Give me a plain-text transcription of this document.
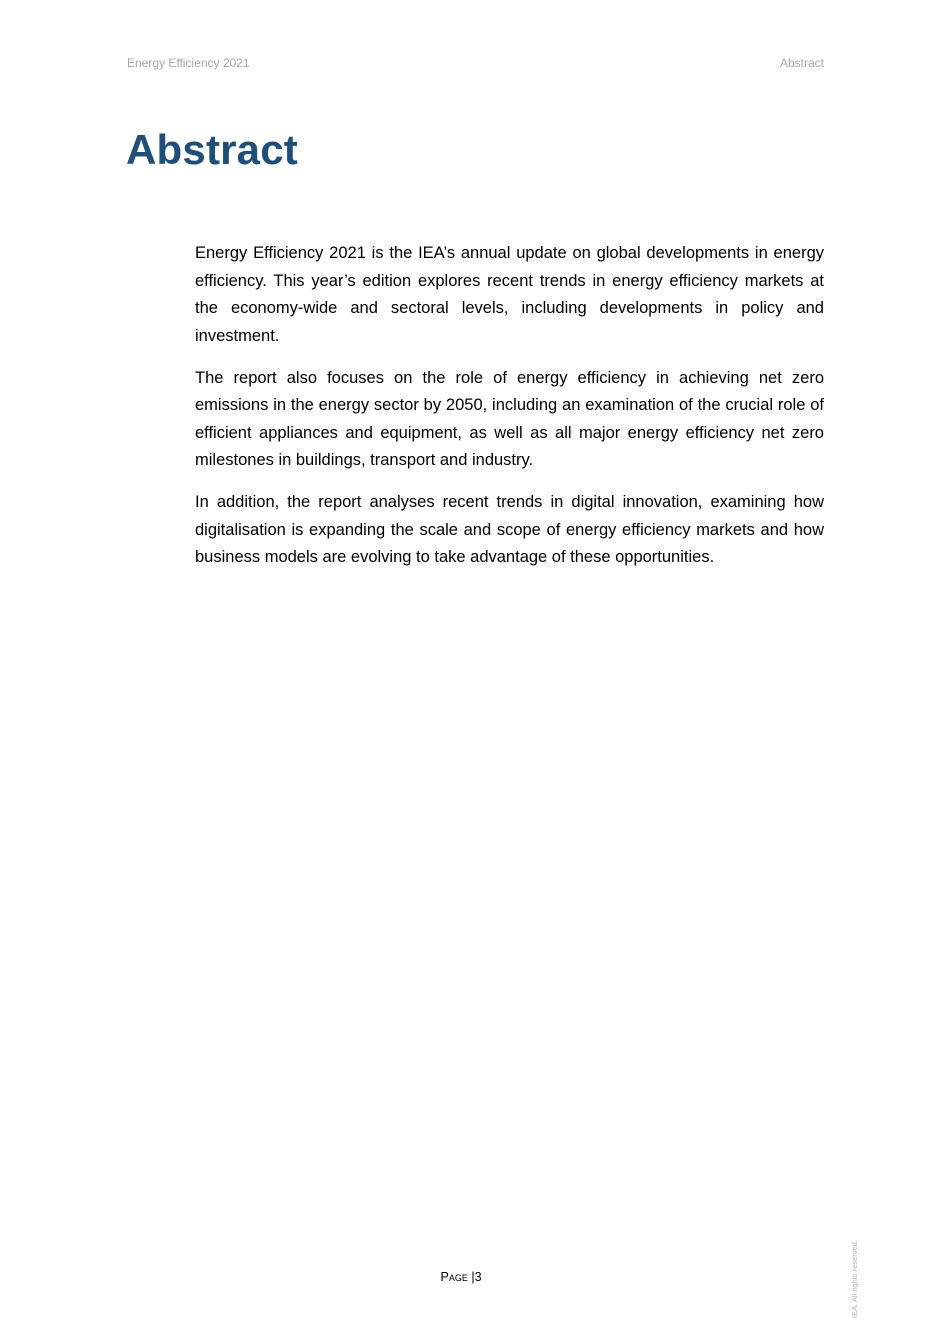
Energy Efficiency 2021	Abstract
Abstract

Energy Efficiency 2021 is the IEA’s annual update on global developments in energy efficiency. This year’s edition explores recent trends in energy efficiency markets at the economy-wide and sectoral levels, including developments in policy and investment.

The report also focuses on the role of energy efficiency in achieving net zero emissions in the energy sector by 2050, including an examination of the crucial role of efficient appliances and equipment, as well as all major energy efficiency net zero milestones in buildings, transport and industry.

In addition, the report analyses recent trends in digital innovation, examining how digitalisation is expanding the scale and scope of energy efficiency markets and how business models are evolving to take advantage of these opportunities.

Page |3	IEA. All rights reserved.
